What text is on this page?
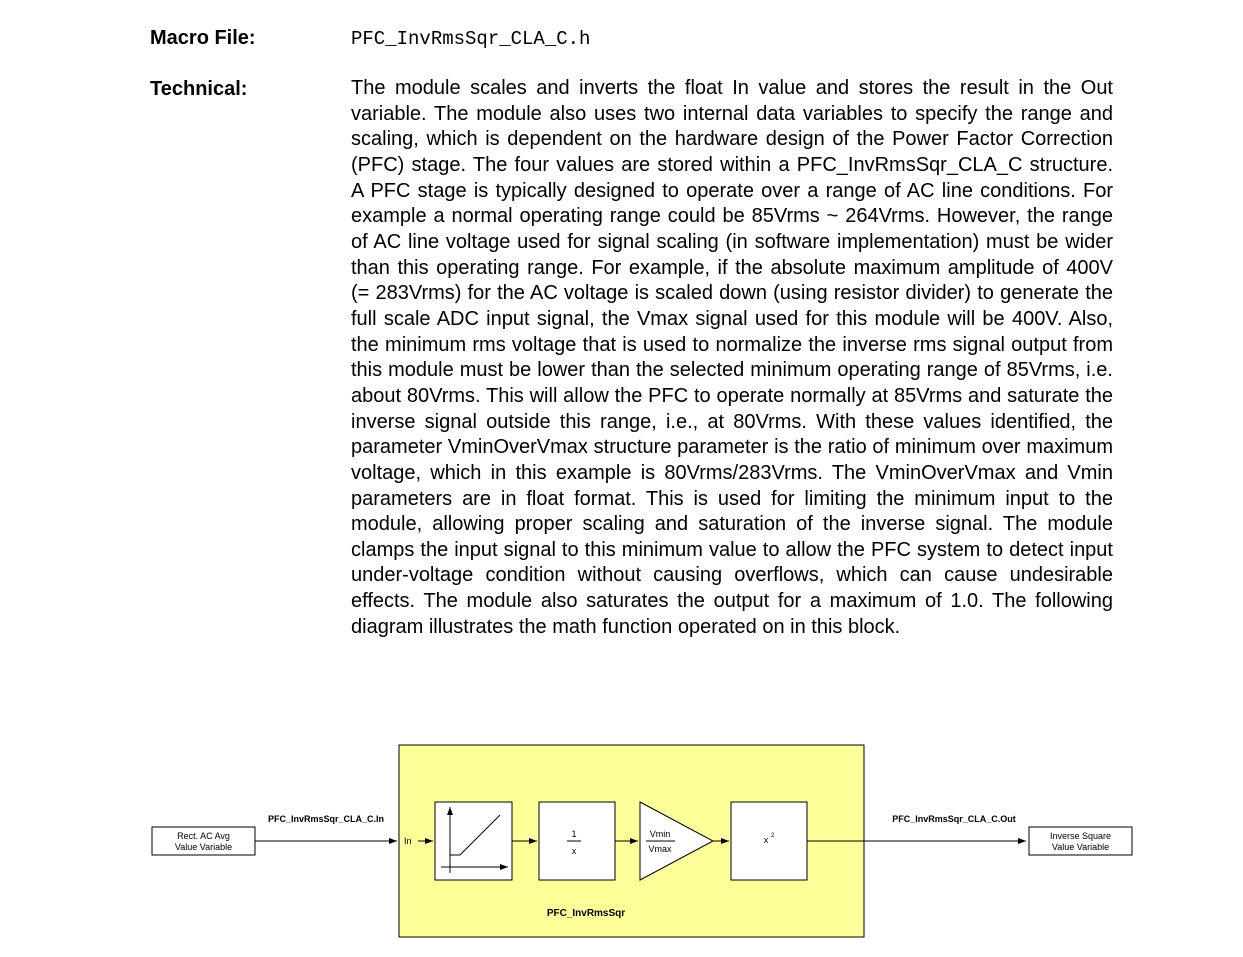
Macro File:	PFC_InvRmsSqr_CLA_C.h
Technical:	The module scales and inverts the float In value and stores the result in the Out variable. The module also uses two internal data variables to specify the range and scaling, which is dependent on the hardware design of the Power Factor Correction (PFC) stage. The four values are stored within a PFC_InvRmsSqr_CLA_C structure. A PFC stage is typically designed to operate over a range of AC line conditions. For example a normal operating range could be 85Vrms ~ 264Vrms. However, the range of AC line voltage used for signal scaling (in software implementation) must be wider than this operating range. For example, if the absolute maximum amplitude of 400V (= 283Vrms) for the AC voltage is scaled down (using resistor divider) to generate the full scale ADC input signal, the Vmax signal used for this module will be 400V. Also, the minimum rms voltage that is used to normalize the inverse rms signal output from this module must be lower than the selected minimum operating range of 85Vrms, i.e. about 80Vrms. This will allow the PFC to operate normally at 85Vrms and saturate the inverse signal outside this range, i.e., at 80Vrms. With these values identified, the parameter VminOverVmax structure parameter is the ratio of minimum over maximum voltage, which in this example is 80Vrms/283Vrms. The VminOverVmax and Vmin parameters are in float format. This is used for limiting the minimum input to the module, allowing proper scaling and saturation of the inverse signal. The module clamps the input signal to this minimum value to allow the PFC system to detect input under-voltage condition without causing overflows, which can cause undesirable effects. The module also saturates the output for a maximum of 1.0. The following diagram illustrates the math function operated on in this block.

Rect. AC Avg
Value Variable
PFC_InvRmsSqr_CLA_C.In
In
1
x
Vmin
Vmax
x 2
PFC_InvRmsSqr_CLA_C.Out
PFC_InvRmsSqr
Inverse Square
Value Variable
